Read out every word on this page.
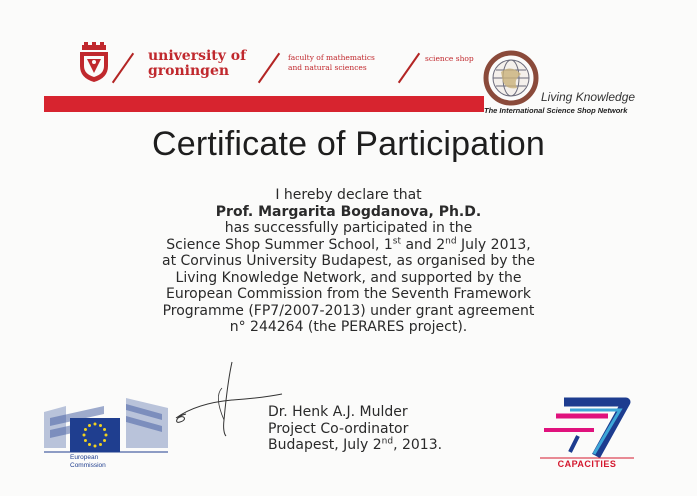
university of
groningen
faculty of mathematics
and natural sciences
science shop
Living Knowledge
The International Science Shop Network
Certificate of Participation
I hereby declare that
Prof. Margarita Bogdanova, Ph.D.
has successfully participated in the
Science Shop Summer School, 1st and 2nd July 2013,
at Corvinus University Budapest, as organised by the
Living Knowledge Network, and supported by the
European Commission from the Seventh Framework
Programme (FP7/2007-2013) under grant agreement
n° 244264 (the PERARES project).
Dr. Henk A.J. Mulder
Project Co-ordinator
Budapest, July 2nd, 2013.
European
Commission	CAPACITIES
